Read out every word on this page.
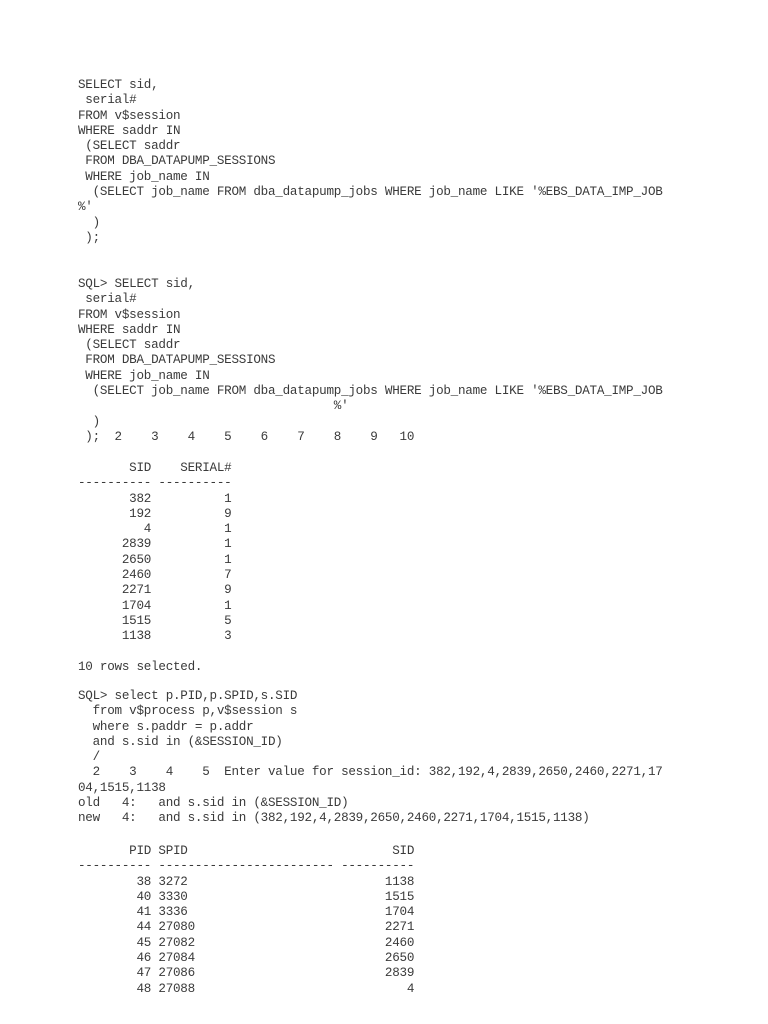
SELECT sid,
serial#
FROM v$session
WHERE saddr IN
(SELECT saddr
FROM DBA_DATAPUMP_SESSIONS
WHERE job_name IN
(SELECT job_name FROM dba_datapump_jobs WHERE job_name LIKE '%EBS_DATA_IMP_JOB
%'
)
);
SQL> SELECT sid,
serial#
FROM v$session
WHERE saddr IN
(SELECT saddr
FROM DBA_DATAPUMP_SESSIONS
WHERE job_name IN
(SELECT job_name FROM dba_datapump_jobs WHERE job_name LIKE '%EBS_DATA_IMP_JOB
%'
)
);  2    3    4    5    6    7    8    9   10
SID    SERIAL#
---------- ----------
382          1
192          9
4          1
2839          1
2650          1
2460          7
2271          9
1704          1
1515          5
1138          3
10 rows selected.
SQL> select p.PID,p.SPID,s.SID
from v$process p,v$session s
where s.paddr = p.addr
and s.sid in (&SESSION_ID)
/
2    3    4    5  Enter value for session_id: 382,192,4,2839,2650,2460,2271,17
04,1515,1138
old   4:   and s.sid in (&SESSION_ID)
new   4:   and s.sid in (382,192,4,2839,2650,2460,2271,1704,1515,1138)
PID SPID                            SID
---------- ------------------------ ----------
38 3272                           1138
40 3330                           1515
41 3336                           1704
44 27080                          2271
45 27082                          2460
46 27084                          2650
47 27086                          2839
48 27088                             4
